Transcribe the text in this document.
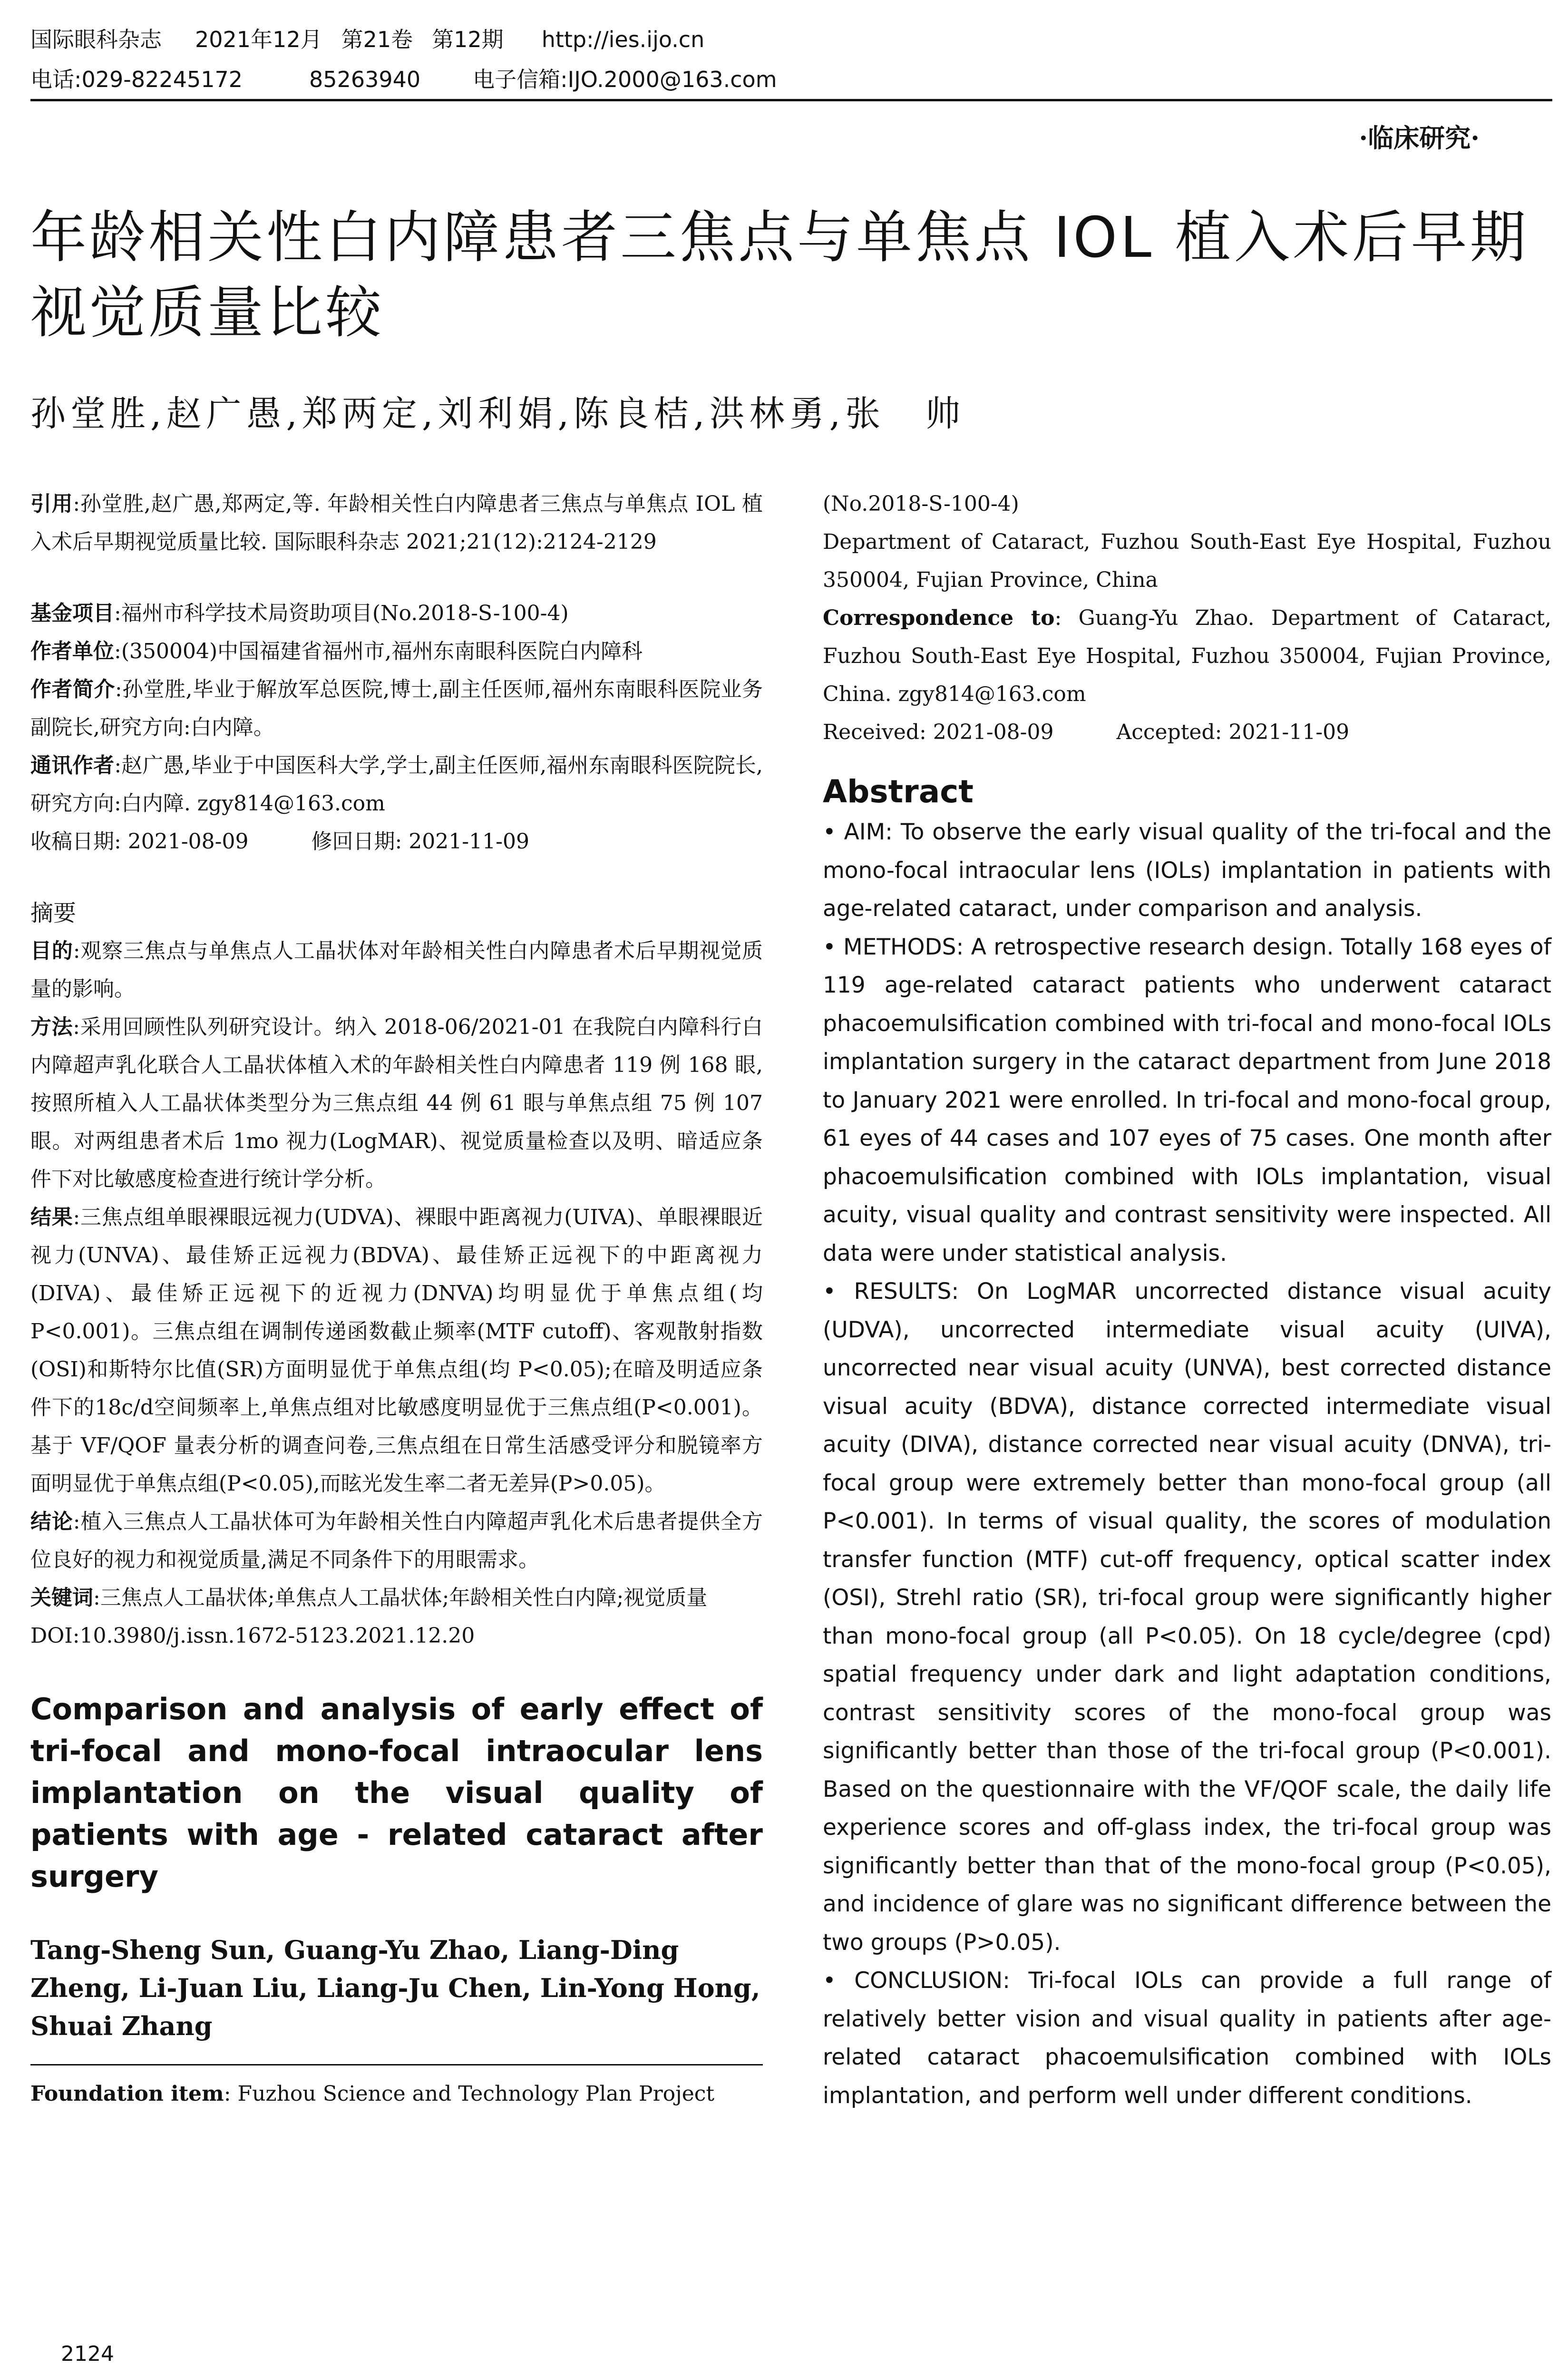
国际眼科杂志 2021年12月 第21卷 第12期 http://ies.ijo.cn
电话:029-82245172	85263940 电子信箱:IJO.2000@163.com
·临床研究·
年龄相关性白内障患者三焦点与单焦点 IOL 植入术后早期视觉质量比较
孙堂胜,赵广愚,郑两定,刘利娟,陈良桔,洪林勇,张　帅

引用:孙堂胜,赵广愚,郑两定,等. 年龄相关性白内障患者三焦点与单焦点 IOL 植入术后早期视觉质量比较. 国际眼科杂志 2021;21(12):2124-2129

基金项目:福州市科学技术局资助项目(No.2018-S-100-4)

作者单位:(350004)中国福建省福州市,福州东南眼科医院白内障科

作者简介:孙堂胜,毕业于解放军总医院,博士,副主任医师,福州东南眼科医院业务副院长,研究方向:白内障。

通讯作者:赵广愚,毕业于中国医科大学,学士,副主任医师,福州东南眼科医院院长,研究方向:白内障. zgy814@163.com

收稿日期: 2021-08-09　　　修回日期: 2021-11-09

摘要

目的:观察三焦点与单焦点人工晶状体对年龄相关性白内障患者术后早期视觉质量的影响。

方法:采用回顾性队列研究设计。纳入 2018-06/2021-01 在我院白内障科行白内障超声乳化联合人工晶状体植入术的年龄相关性白内障患者 119 例 168 眼,按照所植入人工晶状体类型分为三焦点组 44 例 61 眼与单焦点组 75 例 107 眼。对两组患者术后 1mo 视力(LogMAR)、视觉质量检查以及明、暗适应条件下对比敏感度检查进行统计学分析。

结果:三焦点组单眼裸眼远视力(UDVA)、裸眼中距离视力(UIVA)、单眼裸眼近视力(UNVA)、最佳矫正远视力(BDVA)、最佳矫正远视下的中距离视力(DIVA)、最佳矫正远视下的近视力(DNVA)均明显优于单焦点组(均 P<0.001)。三焦点组在调制传递函数截止频率(MTF cutoff)、客观散射指数(OSI)和斯特尔比值(SR)方面明显优于单焦点组(均 P<0.05);在暗及明适应条件下的18c/d空间频率上,单焦点组对比敏感度明显优于三焦点组(P<0.001)。基于 VF/QOF 量表分析的调查问卷,三焦点组在日常生活感受评分和脱镜率方面明显优于单焦点组(P<0.05),而眩光发生率二者无差异(P>0.05)。

结论:植入三焦点人工晶状体可为年龄相关性白内障超声乳化术后患者提供全方位良好的视力和视觉质量,满足不同条件下的用眼需求。

关键词:三焦点人工晶状体;单焦点人工晶状体;年龄相关性白内障;视觉质量

DOI:10.3980/j.issn.1672-5123.2021.12.20

Comparison and analysis of early effect of tri-focal and mono-focal intraocular lens implantation on the visual quality of patients with age - related cataract after surgery

Tang-Sheng Sun, Guang-Yu Zhao, Liang-Ding Zheng, Li-Juan Liu, Liang-Ju Chen, Lin-Yong Hong, Shuai Zhang

Foundation item: Fuzhou Science and Technology Plan Project

(No.2018-S-100-4)

Department of Cataract, Fuzhou South-East Eye Hospital, Fuzhou 350004, Fujian Province, China

Correspondence to: Guang-Yu Zhao. Department of Cataract, Fuzhou South-East Eye Hospital, Fuzhou 350004, Fujian Province, China. zgy814@163.com

Received: 2021-08-09　　　Accepted: 2021-11-09

Abstract

• AIM: To observe the early visual quality of the tri-focal and the mono-focal intraocular lens (IOLs) implantation in patients with age-related cataract, under comparison and analysis.

• METHODS: A retrospective research design. Totally 168 eyes of 119 age-related cataract patients who underwent cataract phacoemulsification combined with tri-focal and mono-focal IOLs implantation surgery in the cataract department from June 2018 to January 2021 were enrolled. In tri-focal and mono-focal group, 61 eyes of 44 cases and 107 eyes of 75 cases. One month after phacoemulsification combined with IOLs implantation, visual acuity, visual quality and contrast sensitivity were inspected. All data were under statistical analysis.

• RESULTS: On LogMAR uncorrected distance visual acuity (UDVA), uncorrected intermediate visual acuity (UIVA), uncorrected near visual acuity (UNVA), best corrected distance visual acuity (BDVA), distance corrected intermediate visual acuity (DIVA), distance corrected near visual acuity (DNVA), tri-focal group were extremely better than mono-focal group (all P<0.001). In terms of visual quality, the scores of modulation transfer function (MTF) cut-off frequency, optical scatter index (OSI), Strehl ratio (SR), tri-focal group were significantly higher than mono-focal group (all P<0.05). On 18 cycle/degree (cpd) spatial frequency under dark and light adaptation conditions, contrast sensitivity scores of the mono-focal group was significantly better than those of the tri-focal group (P<0.001). Based on the questionnaire with the VF/QOF scale, the daily life experience scores and off-glass index, the tri-focal group was significantly better than that of the mono-focal group (P<0.05), and incidence of glare was no significant difference between the two groups (P>0.05).

• CONCLUSION: Tri-focal IOLs can provide a full range of relatively better vision and visual quality in patients after age-related cataract phacoemulsification combined with IOLs implantation, and perform well under different conditions.

2124
